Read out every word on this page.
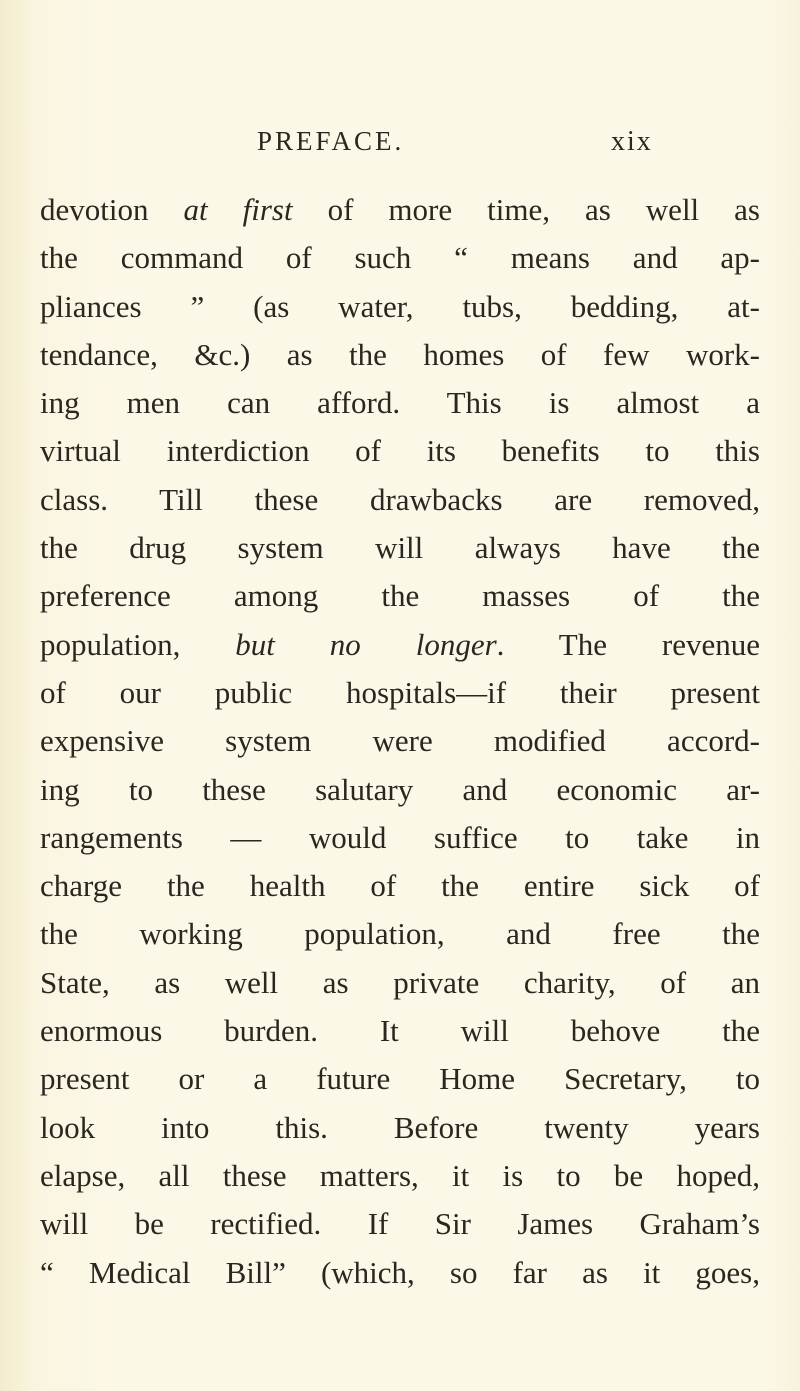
PREFACE.	xix
devotion at first of more time, as well as
the command of such “ means and ap-
pliances ” (as water, tubs, bedding, at-
tendance, &c.) as the homes of few work-
ing men can afford. This is almost a
virtual interdiction of its benefits to this
class. Till these drawbacks are removed,
the drug system will always have the
preference among the masses of the
population, but no longer. The revenue
of our public hospitals—if their present
expensive system were modified accord-
ing to these salutary and economic ar-
rangements — would suffice to take in
charge the health of the entire sick of
the working population, and free the
State, as well as private charity, of an
enormous burden. It will behove the
present or a future Home Secretary, to
look into this. Before twenty years
elapse, all these matters, it is to be hoped,
will be rectified. If Sir James Graham’s
“ Medical Bill” (which, so far as it goes,
